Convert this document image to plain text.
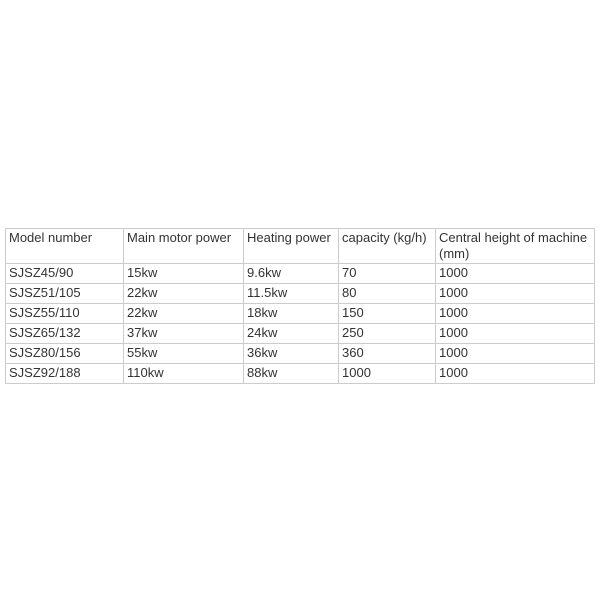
Model number	Main motor power	Heating power	capacity (kg/h)	Central height of machine (mm)
SJSZ45/90	15kw	9.6kw	70	1000
SJSZ51/105	22kw	11.5kw	80	1000
SJSZ55/110	22kw	18kw	150	1000
SJSZ65/132	37kw	24kw	250	1000
SJSZ80/156	55kw	36kw	360	1000
SJSZ92/188	110kw	88kw	1000	1000
